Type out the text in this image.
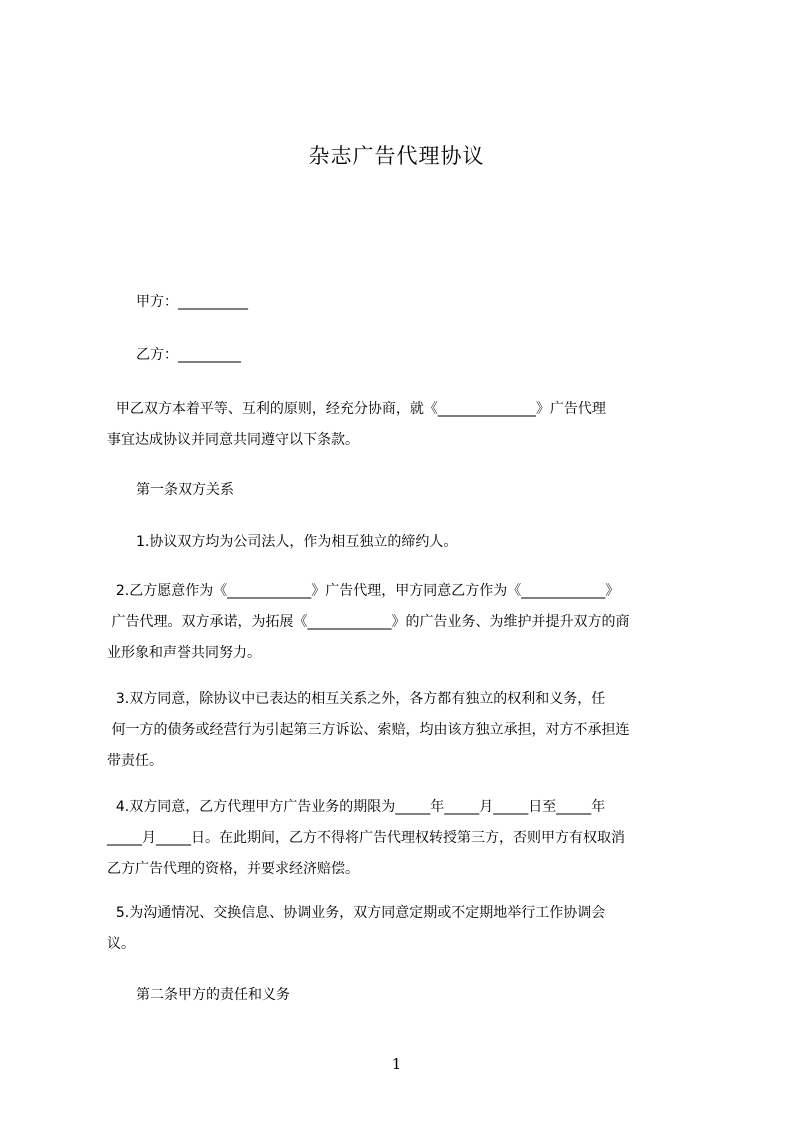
杂志广告代理协议
甲方：__________
乙方：_________
甲乙双方本着平等、互利的原则，经充分协商，就《______________》广告代理
事宜达成协议并同意共同遵守以下条款。
第一条双方关系
1.协议双方均为公司法人，作为相互独立的缔约人。
2.乙方愿意作为《____________》广告代理，甲方同意乙方作为《____________》
广告代理。双方承诺，为拓展《____________》的广告业务、为维护并提升双方的商
业形象和声誉共同努力。
3.双方同意，除协议中已表达的相互关系之外，各方都有独立的权利和义务，任
何一方的债务或经营行为引起第三方诉讼、索赔，均由该方独立承担，对方不承担连
带责任。
4.双方同意，乙方代理甲方广告业务的期限为_____年_____月_____日至_____年
_____月_____日。在此期间，乙方不得将广告代理权转授第三方，否则甲方有权取消
乙方广告代理的资格，并要求经济赔偿。
5.为沟通情况、交换信息、协调业务，双方同意定期或不定期地举行工作协调会
议。
第二条甲方的责任和义务
1
